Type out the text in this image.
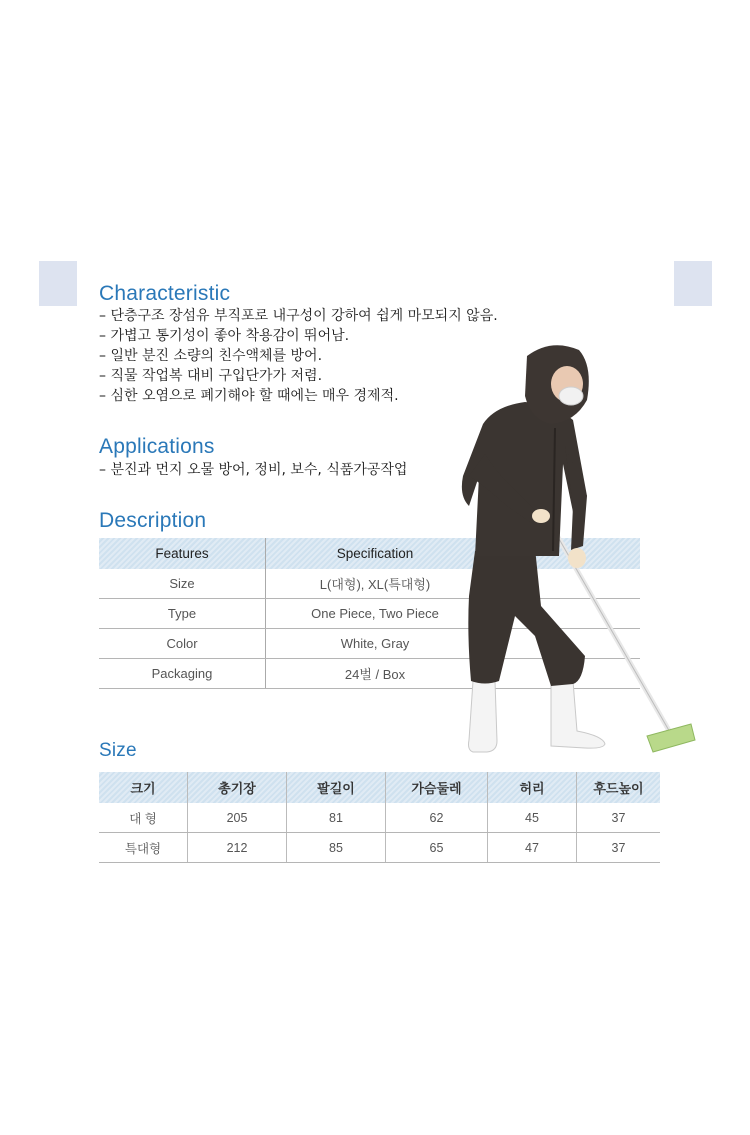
Characteristic
– 단층구조 장섬유 부직포로 내구성이 강하여 쉽게 마모되지 않음.
– 가볍고 통기성이 좋아 착용감이 뛰어남.
– 일반 분진 소량의 친수액체를 방어.
– 직물 작업복 대비 구입단가가 저렴.
– 심한 오염으로 폐기해야 할 때에는 매우 경제적.
Applications
– 분진과 먼지 오물 방어, 정비, 보수, 식품가공작업
Description
Features	Specification
Size	L(대형), XL(특대형)
Type	One Piece, Two Piece
Color	White, Gray
Packaging	24벌 / Box
Size
크기	총기장	팔길이	가슴둘레	허리	후드높이
대 형	205	81	62	45	37
특대형	212	85	65	47	37
